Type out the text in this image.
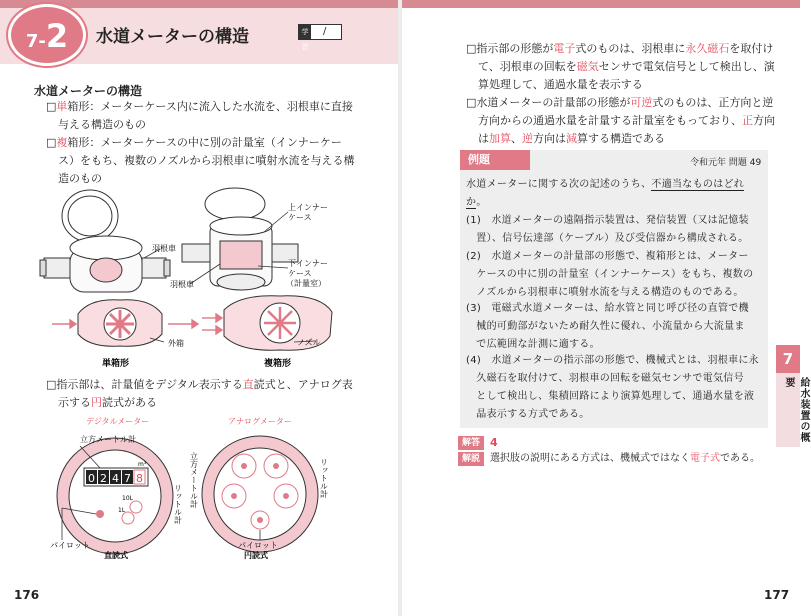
7-2	水道メーターの構造	学習
/
水道メーターの構造
□単箱形：メーターケース内に流入した水流を、羽根車に直接
与える構造のもの
□複箱形：メーターケースの中に別の計量室（インナーケー
ス）をもち、複数のノズルから羽根車に噴射水流を与える構
造のもの
羽根車
羽根車
上インナー
ケース
下インナー
ケース
（計量室）
外箱	ノズル
単箱形	複箱形
□指示部は、計量値をデジタル表示する直読式と、アナログ表
示する円読式がある
デジタルメーター	アナログメーター
0 2 4 7 8
m³
10L
1L
立方メートル計
リットル計
パイロット
直読式
立方メートル計	リットル計
パイロット
円読式
176
□指示部の形態が電子式のものは、羽根車に永久磁石を取付け
て、羽根車の回転を磁気センサで電気信号として検出し、演
算処理して、通過水量を表示する
□水道メーターの計量部の形態が可逆式のものは、正方向と逆
方向からの通過水量を計量する計量室をもっており、正方向
は加算、逆方向は減算する構造である
例題	令和元年 問題 49
水道メーターに関する次の記述のうち、不適当なものはどれ
か。
(1)　水道メーターの遠隔指示装置は、発信装置（又は記憶装
　置）、信号伝達部（ケーブル）及び受信器から構成される。
(2)　水道メーターの計量部の形態で、複箱形とは、メーター
　ケースの中に別の計量室（インナーケース）をもち、複数の
　ノズルから羽根車に噴射水流を与える構造のものである。
(3)　電磁式水道メーターは、給水管と同じ呼び径の直管で機
　械的可動部がないため耐久性に優れ、小流量から大流量ま
　で広範囲な計測に適する。
(4)　水道メーターの指示部の形態で、機械式とは、羽根車に永
　久磁石を取付けて、羽根車の回転を磁気センサで電気信号
　として検出し、集積回路により演算処理して、通過水量を液
　晶表示する方式である。
解答 4
解説 選択肢の説明にある方式は、機械式ではなく電子式である。
7
給水装置の概要
177
